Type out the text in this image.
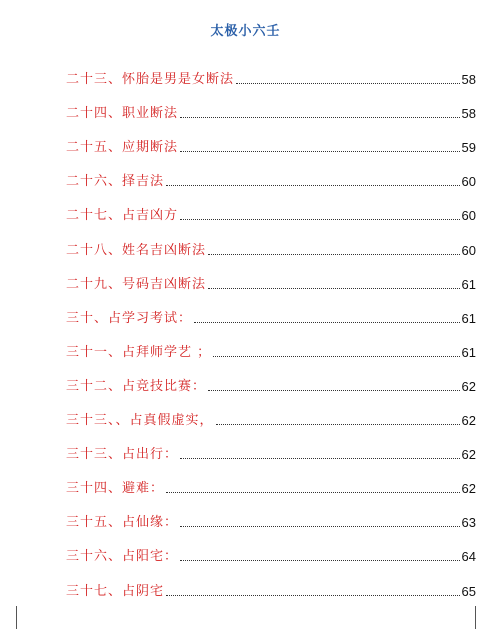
太极小六壬
二十三、怀胎是男是女断法	58
二十四、职业断法	58
二十五、应期断法	59
二十六、择吉法	60
二十七、占吉凶方	60
二十八、姓名吉凶断法	60
二十九、号码吉凶断法	61
三十、占学习考试：	61
三十一、占拜师学艺 ；	61
三十二、占竞技比赛：	62
三十三、、占真假虚实，	62
三十三、占出行：	62
三十四、避难：	62
三十五、占仙缘：	63
三十六、占阳宅：	64
三十七、占阴宅	65
